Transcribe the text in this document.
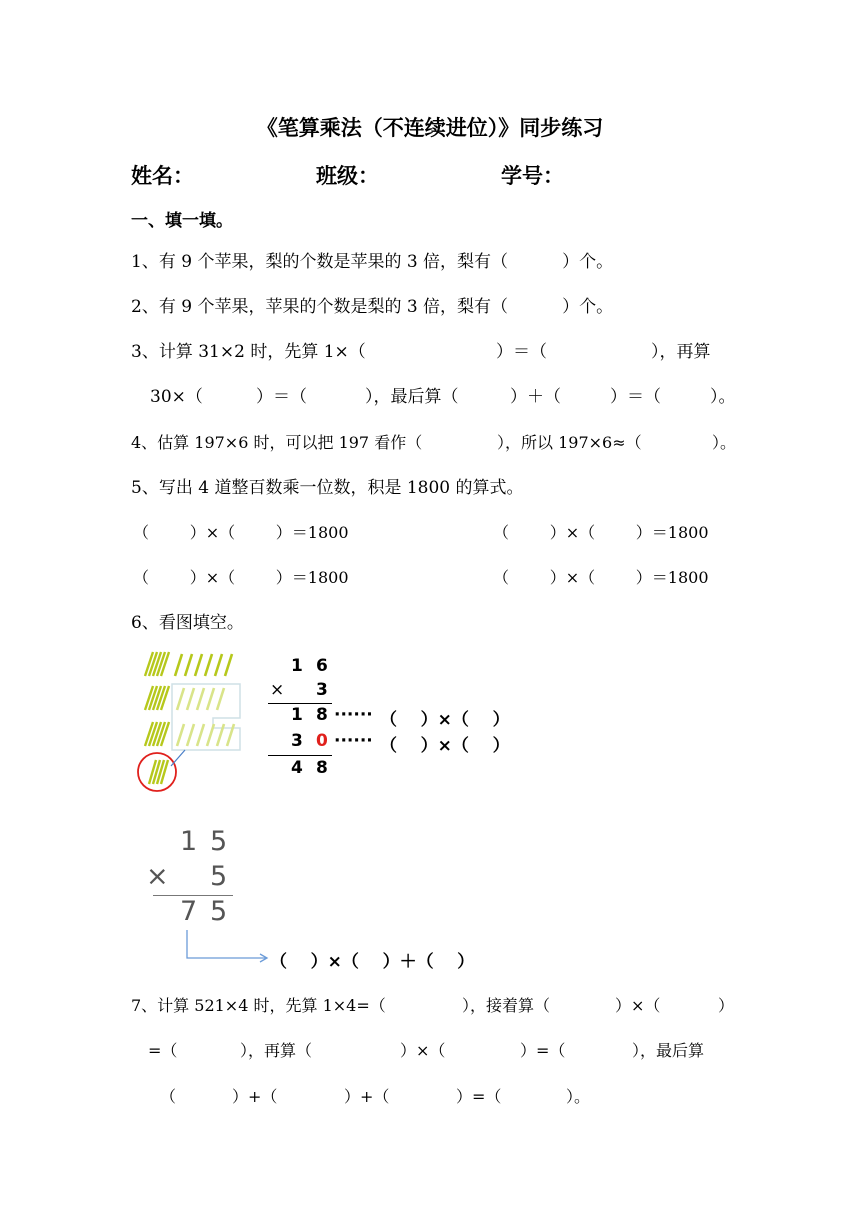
《笔算乘法（不连续进位）》同步练习
姓名：	班级：	学号：
一、填一填。
1、有 9 个苹果，梨的个数是苹果的 3 倍，梨有（          ）个。
2、有 9 个苹果，苹果的个数是梨的 3 倍，梨有（          ）个。
3、计算 31×2 时，先算 1×（	）＝（	），再算
30×（	）＝（	），最后算（	）＋（	）＝（	）。
4、估算 197×6 时，可以把 197 看作（	），所以 197×6≈（	）。
5、写出 4 道整百数乘一位数，积是 1800 的算式。
（        ）×（        ）＝1800	（        ）×（        ）＝1800
（        ）×（        ）＝1800	（        ）×（        ）＝1800
6、看图填空。
1 6
× 3
1 8 ······ （    ）×（    ）
3 0 ······ （    ）×（    ）
4 8
1 5
× 5
7 5
（    ）×（    ）＋（    ）
7、计算 521×4 时，先算 1×4=（	），接着算（	）×（	）
=（	），再算（	）×（	）=（	），最后算
（	）+（	）+（	）=（	）。
